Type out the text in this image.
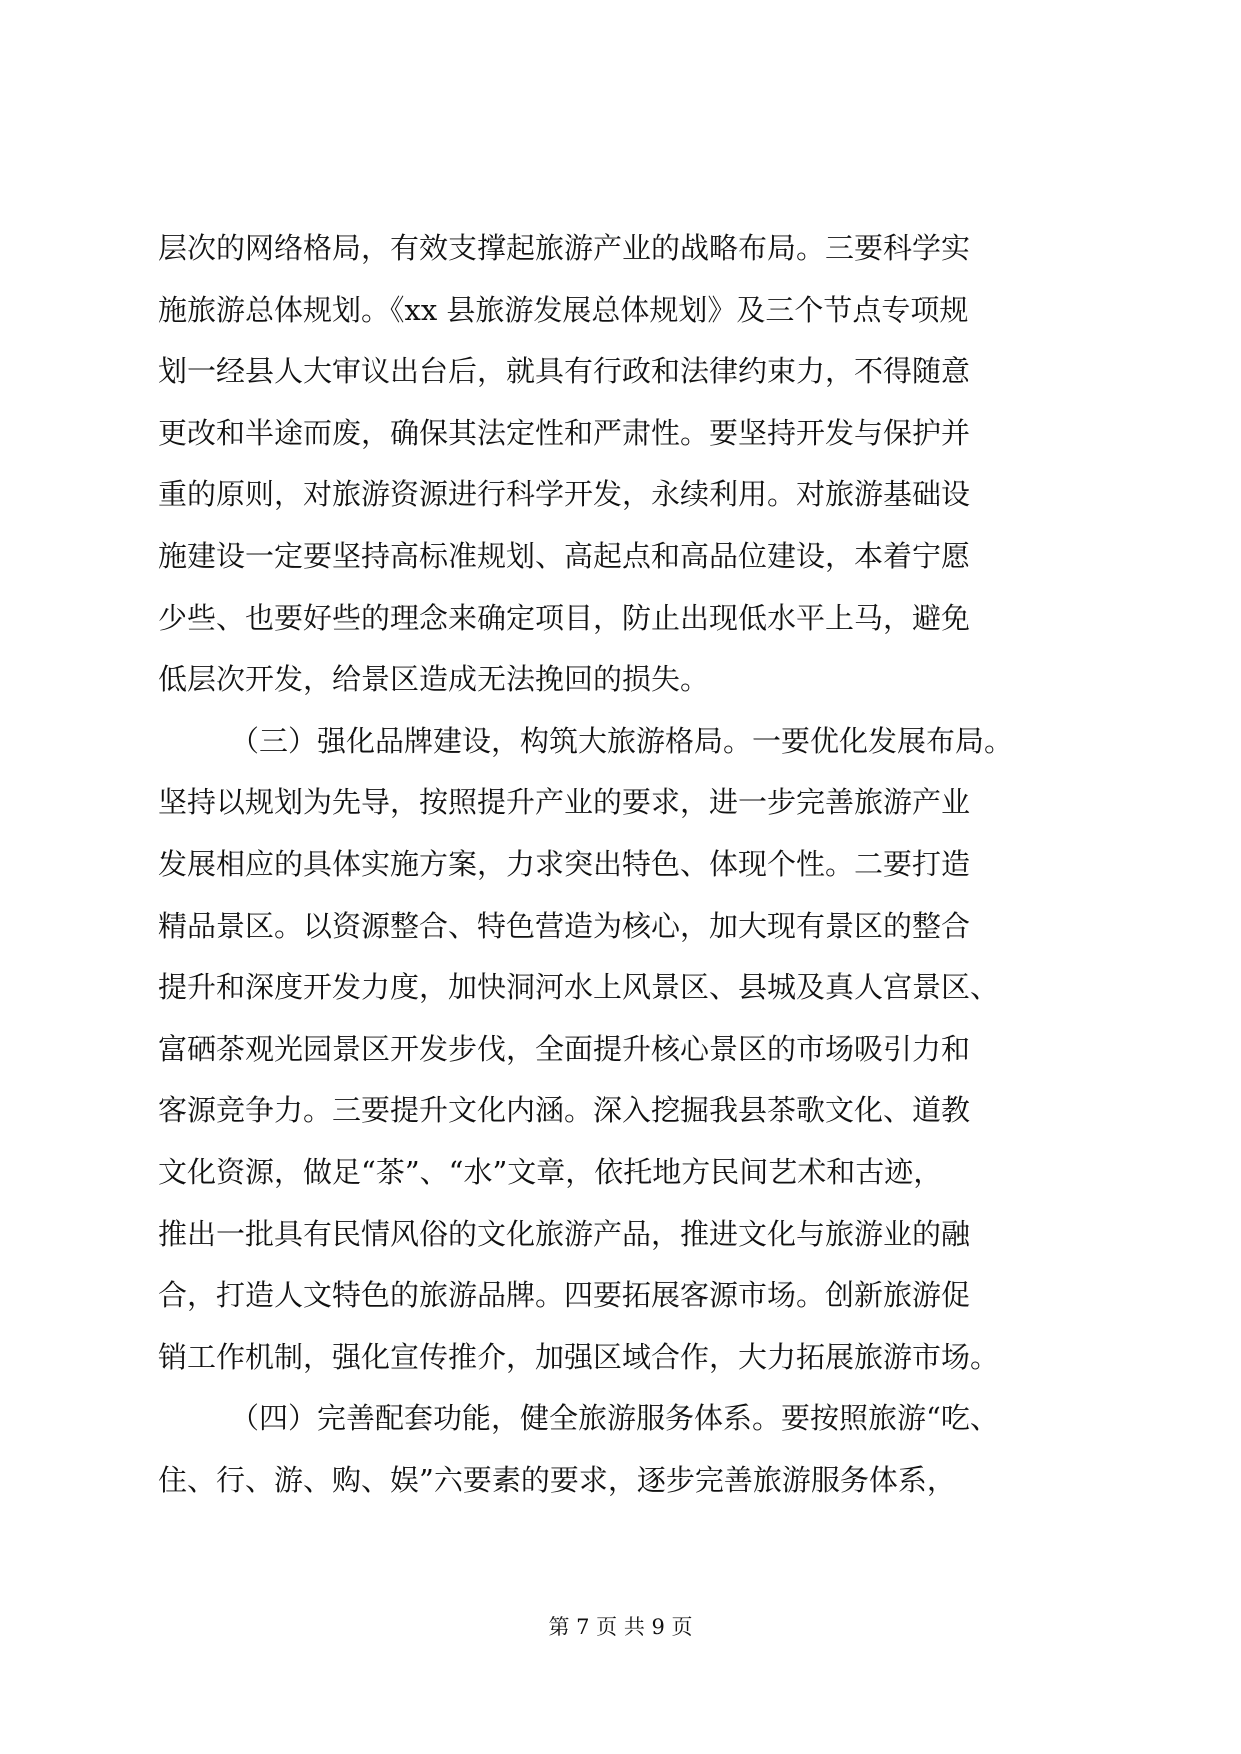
层次的网络格局，有效支撑起旅游产业的战略布局。三要科学实
施旅游总体规划。《xx 县旅游发展总体规划》及三个节点专项规
划一经县人大审议出台后，就具有行政和法律约束力，不得随意
更改和半途而废，确保其法定性和严肃性。要坚持开发与保护并
重的原则，对旅游资源进行科学开发，永续利用。对旅游基础设
施建设一定要坚持高标准规划、高起点和高品位建设，本着宁愿
少些、也要好些的理念来确定项目，防止出现低水平上马，避免
低层次开发，给景区造成无法挽回的损失。
（三）强化品牌建设，构筑大旅游格局。一要优化发展布局。
坚持以规划为先导，按照提升产业的要求，进一步完善旅游产业
发展相应的具体实施方案，力求突出特色、体现个性。二要打造
精品景区。以资源整合、特色营造为核心，加大现有景区的整合
提升和深度开发力度，加快洞河水上风景区、县城及真人宫景区、
富硒茶观光园景区开发步伐，全面提升核心景区的市场吸引力和
客源竞争力。三要提升文化内涵。深入挖掘我县茶歌文化、道教
文化资源，做足“茶”、“水”文章，依托地方民间艺术和古迹，
推出一批具有民情风俗的文化旅游产品，推进文化与旅游业的融
合，打造人文特色的旅游品牌。四要拓展客源市场。创新旅游促
销工作机制，强化宣传推介，加强区域合作，大力拓展旅游市场。
（四）完善配套功能，健全旅游服务体系。要按照旅游“吃、
住、行、游、购、娱”六要素的要求，逐步完善旅游服务体系，
第 7 页 共 9 页
